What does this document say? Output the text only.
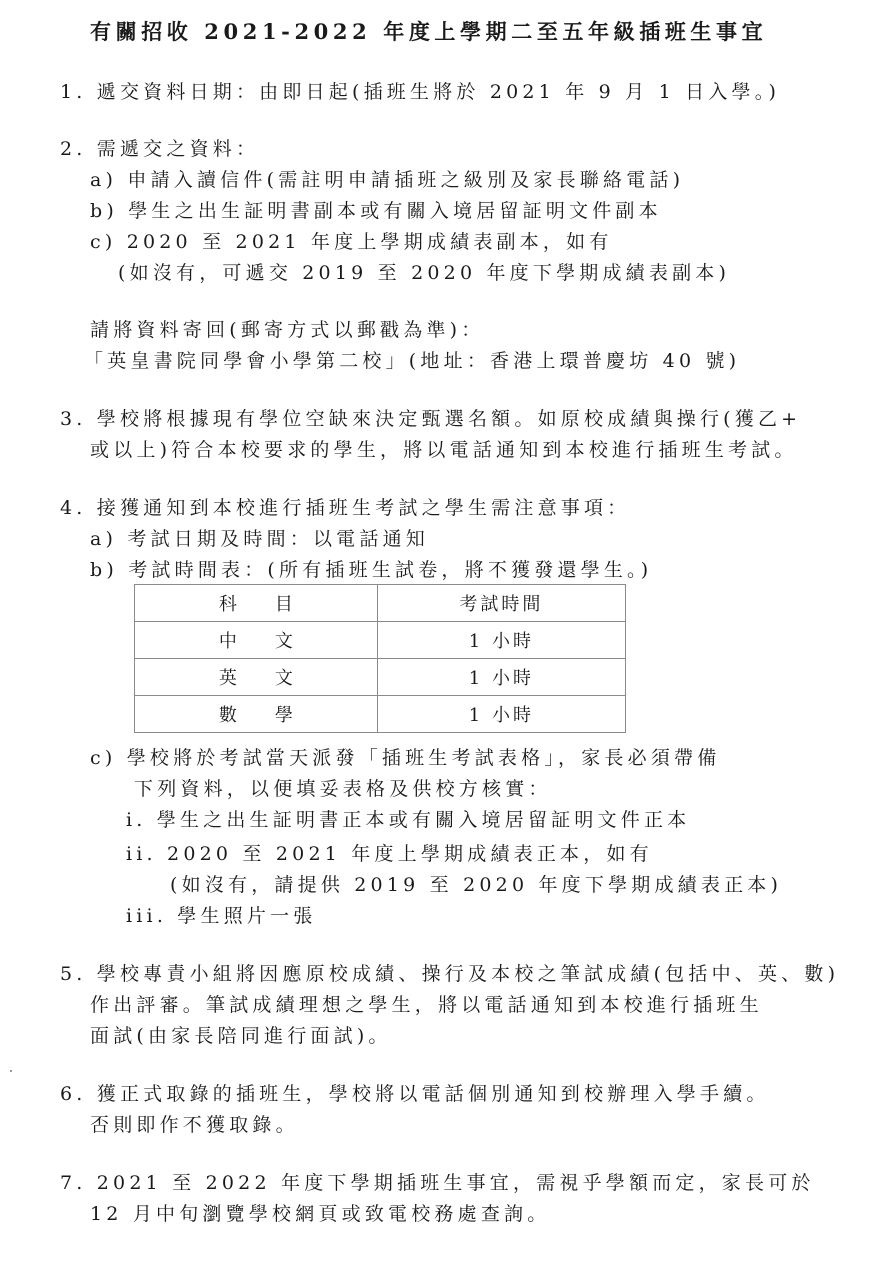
有關招收 2021-2022 年度上學期二至五年級插班生事宜
1. 遞交資料日期：由即日起(插班生將於 2021 年 9 月 1 日入學。)
2. 需遞交之資料：
a) 申請入讀信件(需註明申請插班之級別及家長聯絡電話)
b) 學生之出生証明書副本或有關入境居留証明文件副本
c) 2020 至 2021 年度上學期成績表副本，如有
(如沒有，可遞交 2019 至 2020 年度下學期成績表副本)
請將資料寄回(郵寄方式以郵戳為準)：
「英皇書院同學會小學第二校」(地址：香港上環普慶坊 40 號)
3. 學校將根據現有學位空缺來決定甄選名額。如原校成績與操行(獲乙+
或以上)符合本校要求的學生，將以電話通知到本校進行插班生考試。
4. 接獲通知到本校進行插班生考試之學生需注意事項：
a) 考試日期及時間：以電話通知
b) 考試時間表：(所有插班生試卷，將不獲發還學生。)
科目	考試時間
中文	1 小時
英文	1 小時
數學	1 小時
c) 學校將於考試當天派發「插班生考試表格」，家長必須帶備
下列資料，以便填妥表格及供校方核實：
i. 學生之出生証明書正本或有關入境居留証明文件正本
ii. 2020 至 2021 年度上學期成績表正本，如有
(如沒有，請提供 2019 至 2020 年度下學期成績表正本)
iii. 學生照片一張
5. 學校專責小組將因應原校成績、操行及本校之筆試成績(包括中、英、數)
作出評審。筆試成績理想之學生，將以電話通知到本校進行插班生
面試(由家長陪同進行面試)。
6. 獲正式取錄的插班生，學校將以電話個別通知到校辦理入學手續。
否則即作不獲取錄。
7. 2021 至 2022 年度下學期插班生事宜，需視乎學額而定，家長可於
12 月中旬瀏覽學校網頁或致電校務處查詢。
